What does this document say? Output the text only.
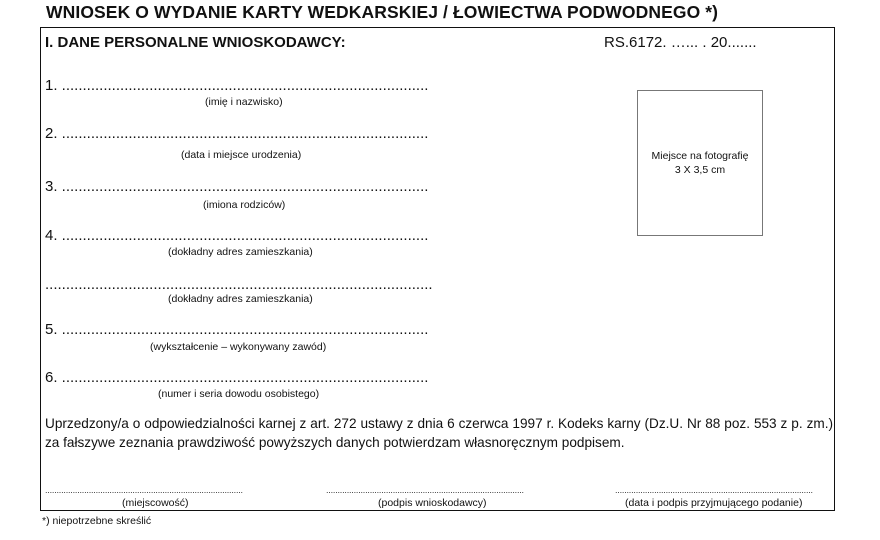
WNIOSEK O WYDANIE KARTY WEDKARSKIEJ / ŁOWIECTWA PODWODNEGO *)
I. DANE PERSONALNE WNIOSKODAWCY:	RS.6172. …... . 20.......
1. ........................................................................................
(imię i nazwisko)
2. ........................................................................................
(data i miejsce urodzenia)
3. ........................................................................................
(imiona rodziców)
4. ........................................................................................
(dokładny adres zamieszkania)
.............................................................................................
(dokładny adres zamieszkania)
5. ........................................................................................
(wykształcenie – wykonywany zawód)
6. ........................................................................................
(numer i seria dowodu osobistego)
Miejsce na fotografię
3 X 3,5 cm
Uprzedzony/a o odpowiedzialności karnej z art. 272 ustawy z dnia 6 czerwca 1997 r. Kodeks karny (Dz.U. Nr 88 poz. 553 z p. zm.) za fałszywe zeznania prawdziwość powyższych danych potwierdzam własnoręcznym podpisem.
......................................................................................
(miejscowość)
......................................................................................
(podpis wnioskodawcy)
......................................................................................
(data i podpis przyjmującego podanie)
*) niepotrzebne skreślić
